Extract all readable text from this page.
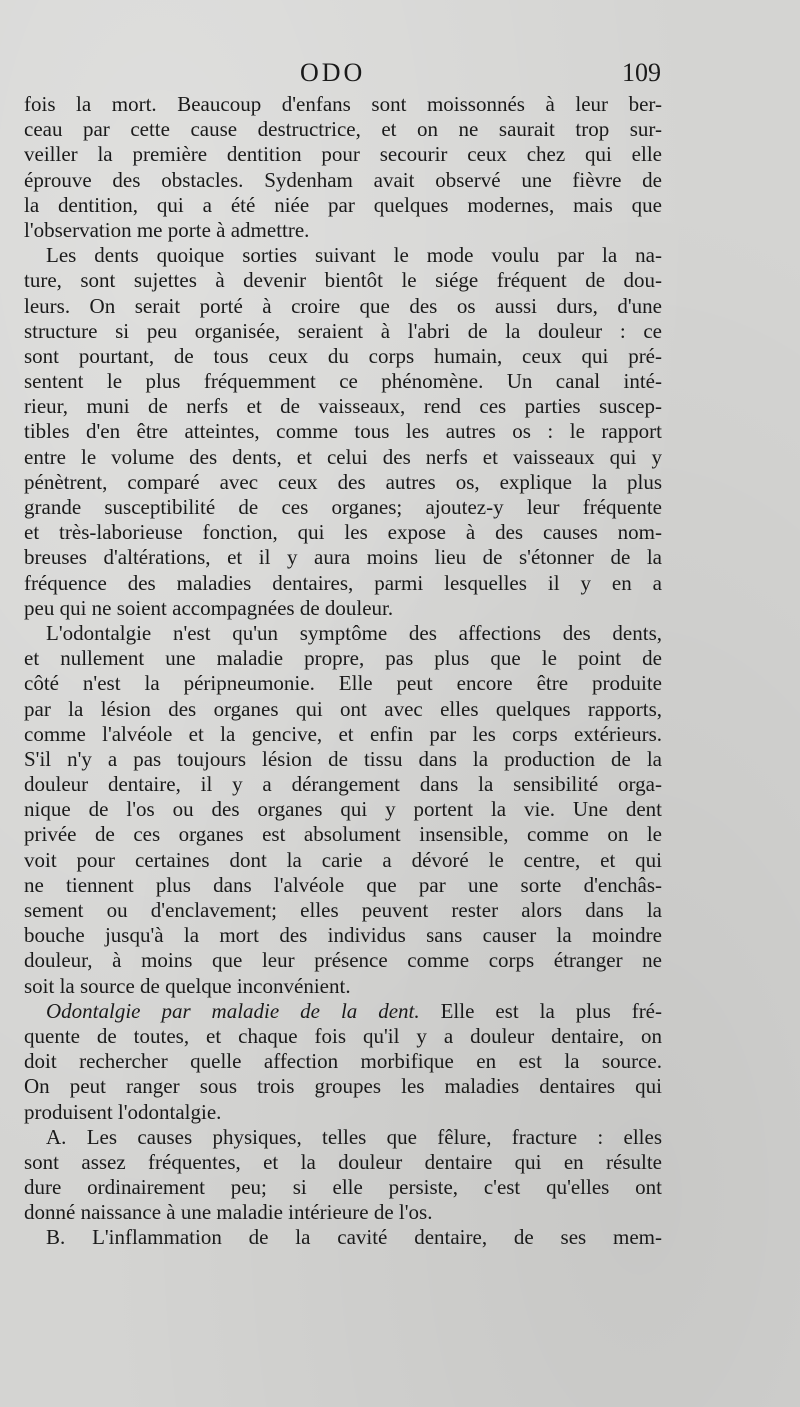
ODO	109
fois la mort. Beaucoup d'enfans sont moissonnés à leur ber-
ceau par cette cause destructrice, et on ne saurait trop sur-
veiller la première dentition pour secourir ceux chez qui elle
éprouve des obstacles. Sydenham avait observé une fièvre de
la dentition, qui a été niée par quelques modernes, mais que
l'observation me porte à admettre.
Les dents quoique sorties suivant le mode voulu par la na-
ture, sont sujettes à devenir bientôt le siége fréquent de dou-
leurs. On serait porté à croire que des os aussi durs, d'une
structure si peu organisée, seraient à l'abri de la douleur : ce
sont pourtant, de tous ceux du corps humain, ceux qui pré-
sentent le plus fréquemment ce phénomène. Un canal inté-
rieur, muni de nerfs et de vaisseaux, rend ces parties suscep-
tibles d'en être atteintes, comme tous les autres os : le rapport
entre le volume des dents, et celui des nerfs et vaisseaux qui y
pénètrent, comparé avec ceux des autres os, explique la plus
grande susceptibilité de ces organes; ajoutez-y leur fréquente
et très-laborieuse fonction, qui les expose à des causes nom-
breuses d'altérations, et il y aura moins lieu de s'étonner de la
fréquence des maladies dentaires, parmi lesquelles il y en a
peu qui ne soient accompagnées de douleur.
L'odontalgie n'est qu'un symptôme des affections des dents,
et nullement une maladie propre, pas plus que le point de
côté n'est la péripneumonie. Elle peut encore être produite
par la lésion des organes qui ont avec elles quelques rapports,
comme l'alvéole et la gencive, et enfin par les corps extérieurs.
S'il n'y a pas toujours lésion de tissu dans la production de la
douleur dentaire, il y a dérangement dans la sensibilité orga-
nique de l'os ou des organes qui y portent la vie. Une dent
privée de ces organes est absolument insensible, comme on le
voit pour certaines dont la carie a dévoré le centre, et qui
ne tiennent plus dans l'alvéole que par une sorte d'enchâs-
sement ou d'enclavement; elles peuvent rester alors dans la
bouche jusqu'à la mort des individus sans causer la moindre
douleur, à moins que leur présence comme corps étranger ne
soit la source de quelque inconvénient.
Odontalgie par maladie de la dent. Elle est la plus fré-
quente de toutes, et chaque fois qu'il y a douleur dentaire, on
doit rechercher quelle affection morbifique en est la source.
On peut ranger sous trois groupes les maladies dentaires qui
produisent l'odontalgie.
A. Les causes physiques, telles que fêlure, fracture : elles
sont assez fréquentes, et la douleur dentaire qui en résulte
dure ordinairement peu; si elle persiste, c'est qu'elles ont
donné naissance à une maladie intérieure de l'os.
B. L'inflammation de la cavité dentaire, de ses mem-
